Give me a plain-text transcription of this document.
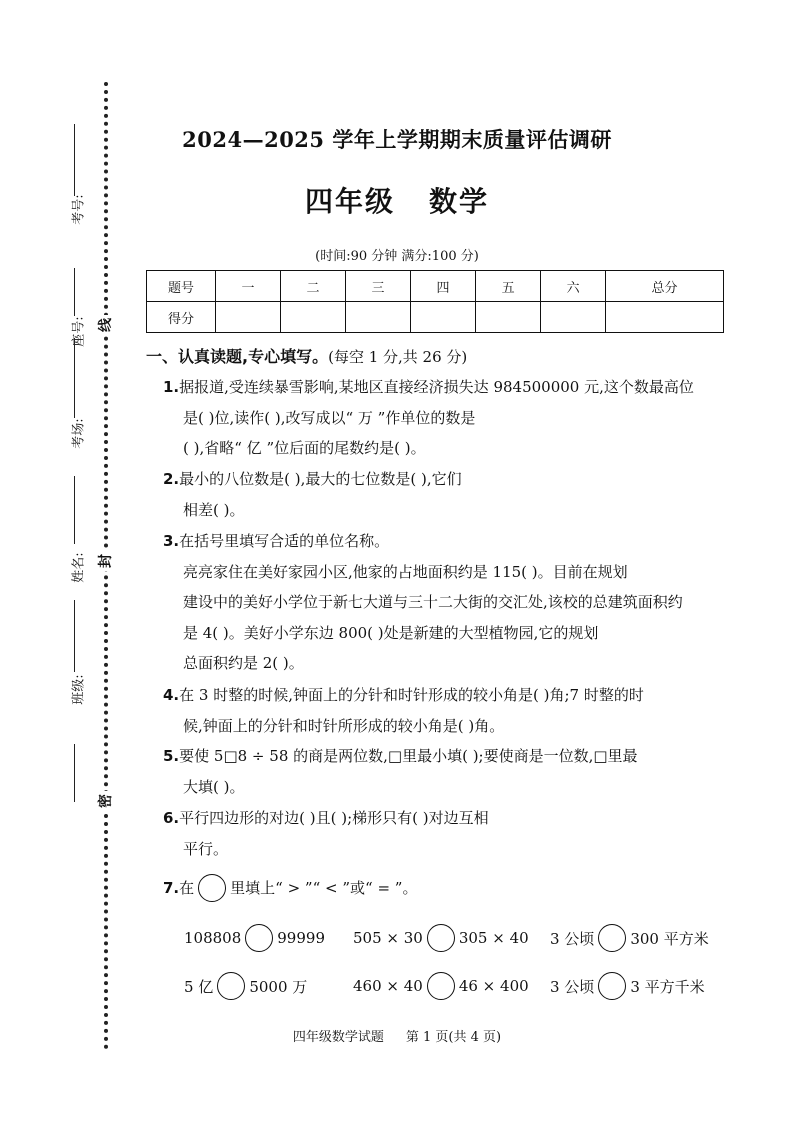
线
封
密
考号:
座号:
考场:
姓名:
班级:
2024—2025 学年上学期期末质量评估调研
四年级 数学
(时间:90 分钟 满分:100 分)
题号	一	二	三	四	五	六	总分
得分							
一、认真读题,专心填写。(每空 1 分,共 26 分)
1.据报道,受连续暴雪影响,某地区直接经济损失达 984500000 元,这个数最高位
是( )位,读作( ),改写成以“ 万 ”作单位的数是
( ),省略“ 亿 ”位后面的尾数约是( )。
2.最小的八位数是( ),最大的七位数是( ),它们
相差( )。
3.在括号里填写合适的单位名称。
亮亮家住在美好家园小区,他家的占地面积约是 115( )。目前在规划
建设中的美好小学位于新七大道与三十二大街的交汇处,该校的总建筑面积约
是 4( )。美好小学东边 800( )处是新建的大型植物园,它的规划
总面积约是 2( )。
4.在 3 时整的时候,钟面上的分针和时针形成的较小角是( )角;7 时整的时
候,钟面上的分针和时针所形成的较小角是( )角。
5.要使 5□8 ÷ 58 的商是两位数,□里最小填( );要使商是一位数,□里最
大填( )。
6.平行四边形的对边( )且( );梯形只有( )对边互相
平行。
7. 在 里填上“ > ”“ < ”或“ = ”。
108808 99999 505 × 30 305 × 40 3 公顷 300 平方米
5 亿 5000 万	460 × 40 46 × 400 3 公顷 3 平方千米
四年级数学试题 第 1 页(共 4 页)
